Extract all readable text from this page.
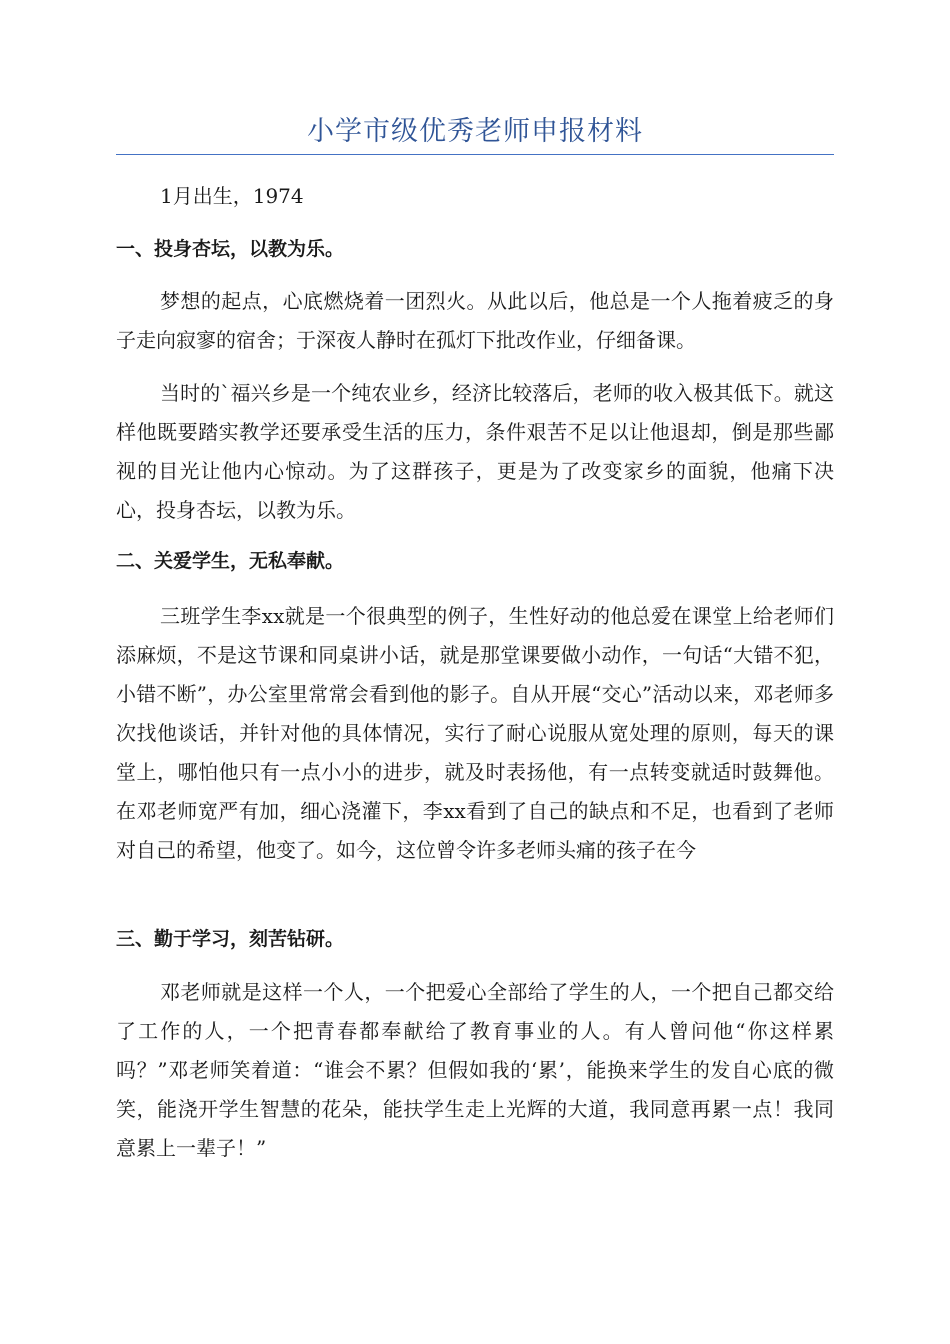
小学市级优秀老师申报材料

1月出生，1974

一、投身杏坛，以教为乐。

梦想的起点，心底燃烧着一团烈火。从此以后，他总是一个人拖着疲乏的身子走向寂寥的宿舍；于深夜人静时在孤灯下批改作业，仔细备课。

当时的`福兴乡是一个纯农业乡，经济比较落后，老师的收入极其低下。就这样他既要踏实教学还要承受生活的压力，条件艰苦不足以让他退却，倒是那些鄙视的目光让他内心惊动。为了这群孩子，更是为了改变家乡的面貌，他痛下决心，投身杏坛，以教为乐。

二、关爱学生，无私奉献。

三班学生李xx就是一个很典型的例子，生性好动的他总爱在课堂上给老师们添麻烦，不是这节课和同桌讲小话，就是那堂课要做小动作，一句话“大错不犯，小错不断”，办公室里常常会看到他的影子。自从开展“交心”活动以来，邓老师多次找他谈话，并针对他的具体情况，实行了耐心说服从宽处理的原则，每天的课堂上，哪怕他只有一点小小的进步，就及时表扬他，有一点转变就适时鼓舞他。在邓老师宽严有加，细心浇灌下，李xx看到了自己的缺点和不足，也看到了老师对自己的希望，他变了。如今，这位曾令许多老师头痛的孩子在今

三、勤于学习，刻苦钻研。

邓老师就是这样一个人，一个把爱心全部给了学生的人，一个把自己都交给了工作的人，一个把青春都奉献给了教育事业的人。有人曾问他“你这样累吗？”邓老师笑着道：“谁会不累？但假如我的‘累’，能换来学生的发自心底的微笑，能浇开学生智慧的花朵，能扶学生走上光辉的大道，我同意再累一点！我同意累上一辈子！”
